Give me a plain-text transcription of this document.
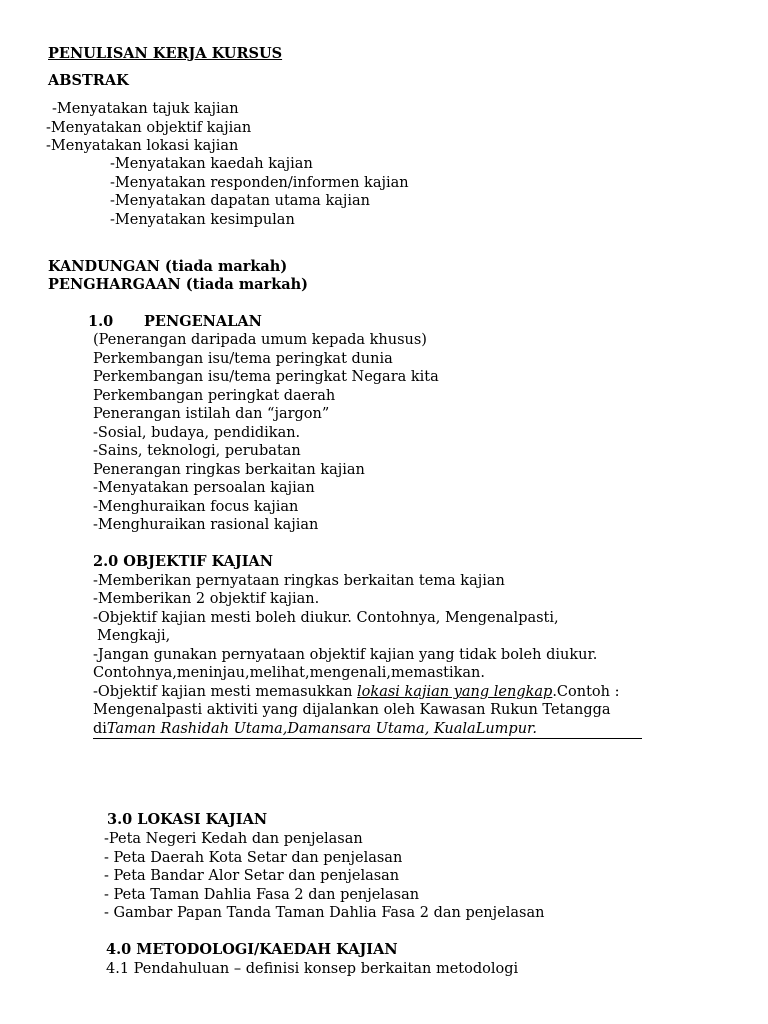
PENULISAN KERJA KURSUS
ABSTRAK
-Menyatakan tajuk kajian
-Menyatakan objektif kajian
-Menyatakan lokasi kajian
-Menyatakan kaedah kajian
-Menyatakan responden/informen kajian
-Menyatakan dapatan utama kajian
-Menyatakan kesimpulan
KANDUNGAN (tiada markah)
PENGHARGAAN (tiada markah)
1.0 PENGENALAN
(Penerangan daripada umum kepada khusus)
Perkembangan isu/tema peringkat dunia
Perkembangan isu/tema peringkat Negara kita
Perkembangan peringkat daerah
Penerangan istilah dan “jargon”
-Sosial, budaya, pendidikan.
-Sains, teknologi, perubatan
Penerangan ringkas berkaitan kajian
-Menyatakan persoalan kajian
-Menghuraikan focus kajian
-Menghuraikan rasional kajian
2.0 OBJEKTIF KAJIAN
-Memberikan pernyataan ringkas berkaitan tema kajian
-Memberikan 2 objektif kajian.
-Objektif kajian mesti boleh diukur. Contohnya, Mengenalpasti,
Mengkaji,
-Jangan gunakan pernyataan objektif kajian yang tidak boleh diukur.
Contohnya,meninjau,melihat,mengenali,memastikan.
-Objektif kajian mesti memasukkan lokasi kajian yang lengkap.Contoh :
Mengenalpasti aktiviti yang dijalankan oleh Kawasan Rukun Tetangga
diTaman Rashidah Utama,Damansara Utama, KualaLumpur.
3.0 LOKASI KAJIAN
-Peta Negeri Kedah dan penjelasan
- Peta Daerah Kota Setar dan penjelasan
- Peta Bandar Alor Setar dan penjelasan
- Peta Taman Dahlia Fasa 2 dan penjelasan
- Gambar Papan Tanda Taman Dahlia Fasa 2 dan penjelasan
4.0 METODOLOGI/KAEDAH KAJIAN
4.1 Pendahuluan – definisi konsep berkaitan metodologi
